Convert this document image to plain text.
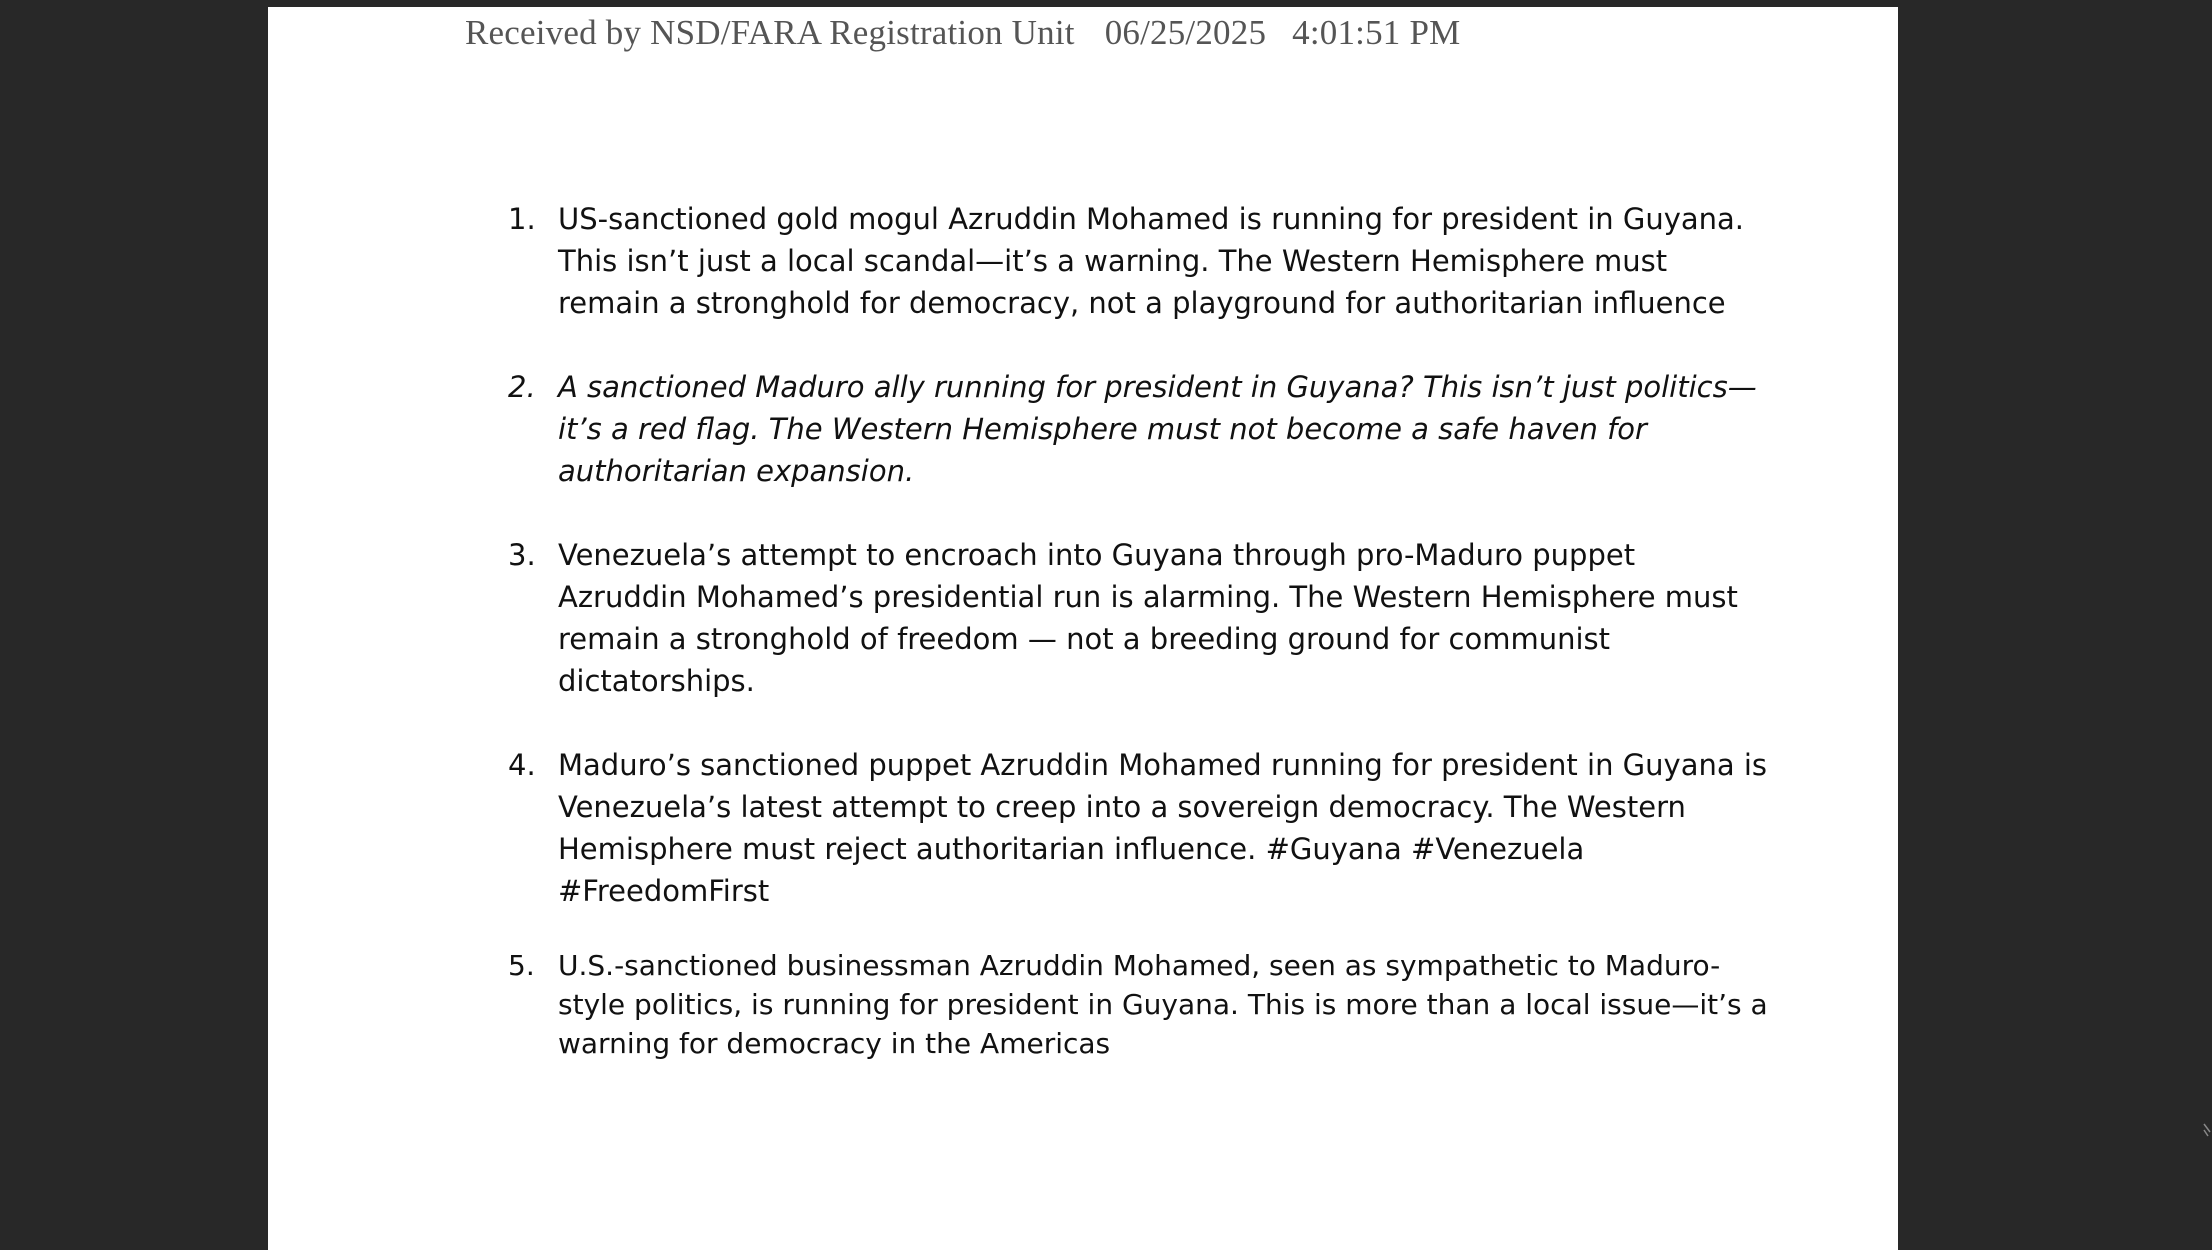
Received by NSD/FARA Registration Unit 06/25/2025 4:01:51 PM
1. US-sanctioned gold mogul Azruddin Mohamed is running for president in Guyana. This isn’t just a local scandal—it’s a warning. The Western Hemisphere must remain a stronghold for democracy, not a playground for authoritarian influence
2. A sanctioned Maduro ally running for president in Guyana? This isn’t just politics—it’s a red flag. The Western Hemisphere must not become a safe haven for authoritarian expansion.
3. Venezuela’s attempt to encroach into Guyana through pro-Maduro puppet Azruddin Mohamed’s presidential run is alarming. The Western Hemisphere must remain a stronghold of freedom — not a breeding ground for communist dictatorships.
4. Maduro’s sanctioned puppet Azruddin Mohamed running for president in Guyana is Venezuela’s latest attempt to creep into a sovereign democracy. The Western Hemisphere must reject authoritarian influence. #Guyana #Venezuela #FreedomFirst
5. U.S.-sanctioned businessman Azruddin Mohamed, seen as sympathetic to Maduro-style politics, is running for president in Guyana. This is more than a local issue—it’s a warning for democracy in the Americas
